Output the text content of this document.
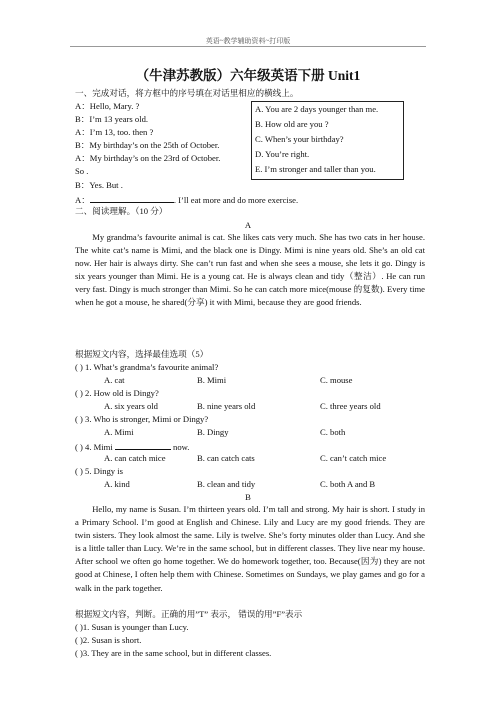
英语~教学辅助资料~打印版
（牛津苏教版）六年级英语下册 Unit1
一、完成对话，将方框中的序号填在对话里相应的横线上。
A：Hello, Mary. ?
B：I’m 13 years old.
A：I’m 13, too. then ?
B：My birthday’s on the 25th of October.
A：My birthday’s on the 23rd of October.
So .
B：Yes. But .
A：	. I’ll eat more and do more exercise.
A. You are 2 days younger than me.
B. How old are you ?
C. When’s your birthday?
D. You’re right.
E. I’m stronger and taller than you.
二、阅读理解。（10 分）
A
My grandma’s favourite animal is cat. She likes cats very much. She has two cats in her house. The white cat’s name is Mimi, and the black one is Dingy. Mimi is nine years old. She’s an old cat now. Her hair is always dirty. She can’t run fast and when she sees a mouse, she lets it go. Dingy is six years younger than Mimi. He is a young cat. He is always clean and tidy（整洁）. He can run very fast. Dingy is much stronger than Mimi. So he can catch more mice(mouse 的复数). Every time when he got a mouse, he shared(分享) it with Mimi, because they are good friends.
根据短文内容，选择最佳选项（5）
( ) 1. What’s grandma’s favourite animal?
A. cat	B. Mimi	C. mouse
( ) 2. How old is Dingy?
A. six years old	B. nine years old	C. three years old
( ) 3. Who is stronger, Mimi or Dingy?
A. Mimi	B. Dingy	C. both
( ) 4. Mimi	now.
A. can catch mice	B. can catch cats	C. can’t catch mice
( ) 5. Dingy is
A. kind	B. clean and tidy	C. both A and B
B
Hello, my name is Susan. I’m thirteen years old. I’m tall and strong. My hair is short. I study in a Primary School. I’m good at English and Chinese. Lily and Lucy are my good friends. They are twin sisters. They look almost the same. Lily is twelve. She’s forty minutes older than Lucy. And she is a little taller than Lucy. We’re in the same school, but in different classes. They live near my house. After school we often go home together. We do homework together, too. Because(因为) they are not good at Chinese, I often help them with Chinese. Sometimes on Sundays, we play games and go for a walk in the park together.
根据短文内容，判断。正确的用”T” 表示， 错误的用”F”表示
( )1. Susan is younger than Lucy.
( )2. Susan is short.
( )3. They are in the same school, but in different classes.
